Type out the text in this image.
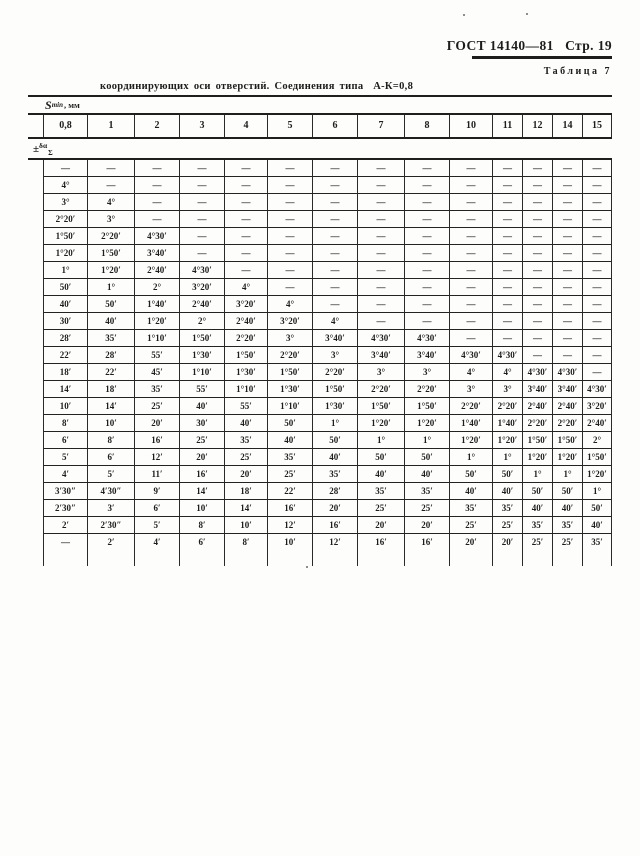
ГОСТ 14140—81   Стр. 19
Таблица 7
координирующих оси отверстий. Соединения типа  А-К=0,8
S min , мм
0,8	1	2	3	4	5	6	7	8	10	11	12	14	15
±$^{\delta\alpha}$
$_\Sigma$
—	—	—	—	—	—	—	—	—	—	—	—	—	—
4°	—	—	—	—	—	—	—	—	—	—	—	—	—
3°	4°	—	—	—	—	—	—	—	—	—	—	—	—
2°20′	3°	—	—	—	—	—	—	—	—	—	—	—	—
1°50′	2°20′	4°30′	—	—	—	—	—	—	—	—	—	—	—
1°20′	1°50′	3°40′	—	—	—	—	—	—	—	—	—	—	—
1°	1°20′	2°40′	4°30′	—	—	—	—	—	—	—	—	—	—
50′	1°	2°	3°20′	4°	—	—	—	—	—	—	—	—	—
40′	50′	1°40′	2°40′	3°20′	4°	—	—	—	—	—	—	—	—
30′	40′	1°20′	2°	2°40′	3°20′	4°	—	—	—	—	—	—	—
28′	35′	1°10′	1°50′	2°20′	3°	3°40′	4°30′	4°30′	—	—	—	—	—
22′	28′	55′	1°30′	1°50′	2°20′	3°	3°40′	3°40′	4°30′	4°30′	—	—	—
18′	22′	45′	1°10′	1°30′	1°50′	2°20′	3°	3°	4°	4°	4°30′	4°30′	—
14′	18′	35′	55′	1°10′	1°30′	1°50′	2°20′	2°20′	3°	3°	3°40′	3°40′	4°30′
10′	14′	25′	40′	55′	1°10′	1°30′	1°50′	1°50′	2°20′	2°20′	2°40′	2°40′	3°20′
8′	10′	20′	30′	40′	50′	1°	1°20′	1°20′	1°40′	1°40′	2°20′	2°20′	2°40′
6′	8′	16′	25′	35′	40′	50′	1°	1°	1°20′	1°20′	1°50′	1°50′	2°
5′	6′	12′	20′	25′	35′	40′	50′	50′	1°	1°	1°20′	1°20′	1°50′
4′	5′	11′	16′	20′	25′	35′	40′	40′	50′	50′	1°	1°	1°20′
3′30″	4′30″	9′	14′	18′	22′	28′	35′	35′	40′	40′	50′	50′	1°
2′30″	3′	6′	10′	14′	16′	20′	25′	25′	35′	35′	40′	40′	50′
2′	2′30″	5′	8′	10′	12′	16′	20′	20′	25′	25′	35′	35′	40′
—	2′	4′	6′	8′	10′	12′	16′	16′	20′	20′	25′	25′	35′
